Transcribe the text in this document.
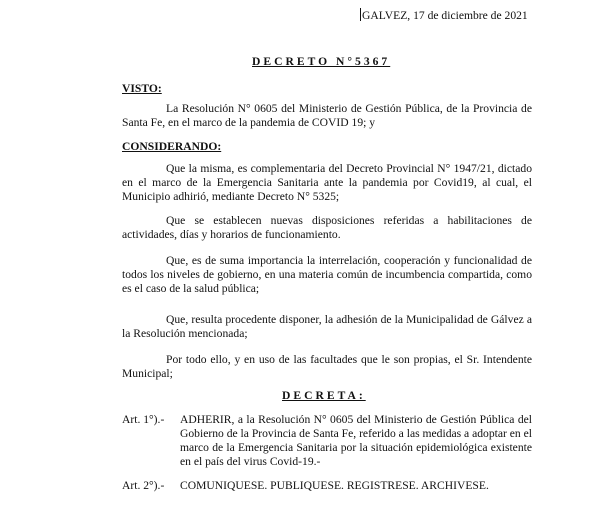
GALVEZ, 17 de diciembre de 2021
DECRETO N°5367
VISTO:

La Resolución N° 0605 del Ministerio de Gestión Pública, de la Provincia de Santa Fe, en el marco de la pandemia de COVID 19; y

CONSIDERANDO:

Que la misma, es complementaria del Decreto Provincial N° 1947/21, dictado en el marco de la Emergencia Sanitaria ante la pandemia por Covid19, al cual, el Municipio adhirió, mediante Decreto N° 5325;

Que se establecen nuevas disposiciones referidas a habilitaciones de actividades, días y horarios de funcionamiento.

Que, es de suma importancia la interrelación, cooperación y funcionalidad de todos los niveles de gobierno, en una materia común de incumbencia compartida, como es el caso de la salud pública;

Que, resulta procedente disponer, la adhesión de la Municipalidad de Gálvez a la Resolución mencionada;

Por todo ello, y en uso de las facultades que le son propias, el Sr. Intendente Municipal;

DECRETA:
Art. 1°).- ADHERIR, a la Resolución N° 0605 del Ministerio de Gestión Pública del Gobierno de la Provincia de Santa Fe, referido a las medidas a adoptar en el marco de la Emergencia Sanitaria por la situación epidemiológica existente en el país del virus Covid-19.-

Art. 2°).- COMUNIQUESE. PUBLIQUESE. REGISTRESE. ARCHIVESE.
